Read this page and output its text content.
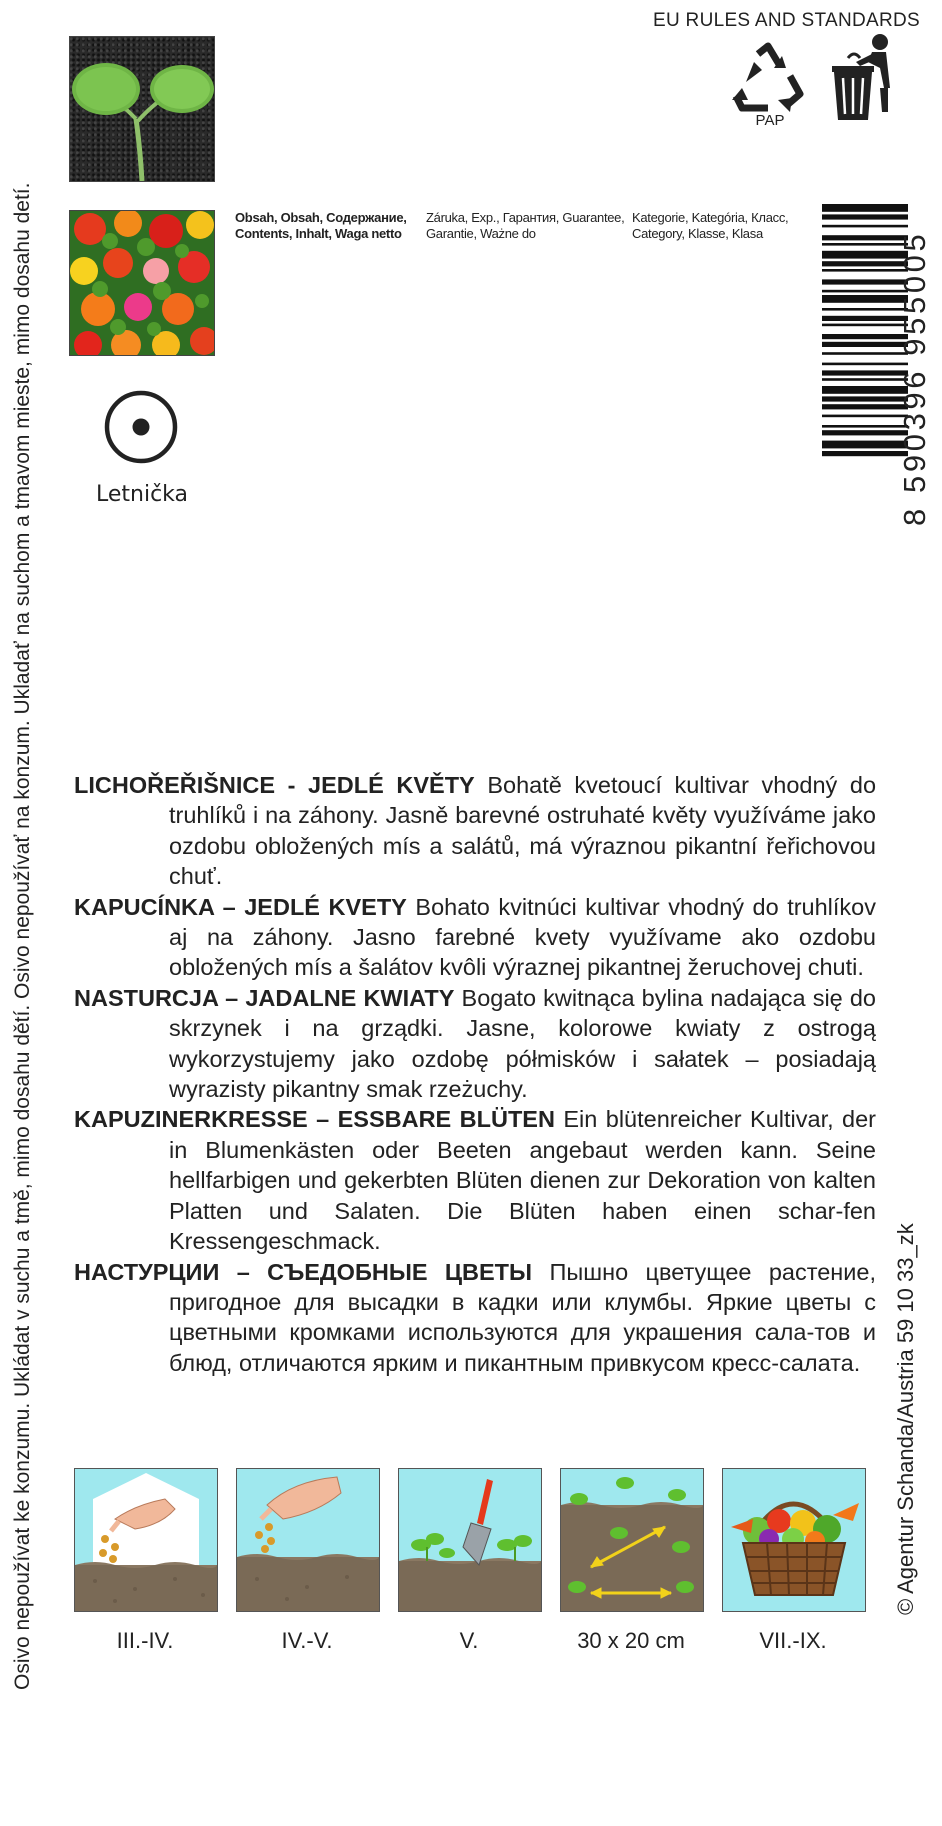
Osivo nepoužívat ke konzumu. Ukládat v suchu a tmě, mimo dosahu dětí. Osivo nepoužívať na konzum. Ukladať na suchom a tmavom mieste, mimo dosahu detí.
EU RULES AND STANDARDS
PAP
Letnička
Obsah, Obsah, Содержание, Contents, Inhalt, Waga netto
Záruka, Exp., Гарантия, Guarantee, Garantie, Ważne do
Kategorie, Kategória, Класс, Category, Klasse, Klasa	8 590396 955005

LICHOŘEŘIŠNICE - JEDLÉ KVĚTY Bohatě kvetoucí kultivar vhodný do truhlíků i na záhony. Jasně barevné ostruhaté květy využíváme jako ozdobu obložených mís a salátů, má výraznou pikantní řeřichovou chuť.

KAPUCÍNKA – JEDLÉ KVETY Bohato kvitnúci kultivar vhodný do truhlíkov aj na záhony. Jasno farebné kvety využívame ako ozdobu obložených mís a šalátov kvôli výraznej pikantnej žeruchovej chuti.

NASTURCJA – JADALNE KWIATY Bogato kwitnąca bylina nadająca się do skrzynek i na grządki. Jasne, kolorowe kwiaty z ostrogą wykorzystujemy jako ozdobę półmisków i sałatek – posiadają wyrazisty pikantny smak rzeżuchy.

KAPUZINERKRESSE – ESSBARE BLÜTEN Ein blütenreicher Kultivar, der in Blumenkästen oder Beeten angebaut werden kann. Seine hellfarbigen und gekerbten Blüten dienen zur Dekoration von kalten Platten und Salaten. Die Blüten haben einen schar-fen Kressengeschmack.

НАСТУРЦИИ – СЪЕДОБНЫЕ ЦВЕТЫ Пышно цветущее растение, пригодное для высадки в кадки или клумбы. Яркие цветы с цветными кромками используются для украшения сала-тов и блюд, отличаются ярким и пикантным привкусом кресс-салата.

III.-IV.	IV.-V.	V.	30 x 20 cm	VII.-IX.
© Agentur Schanda/Austria 59 10 33_zk
